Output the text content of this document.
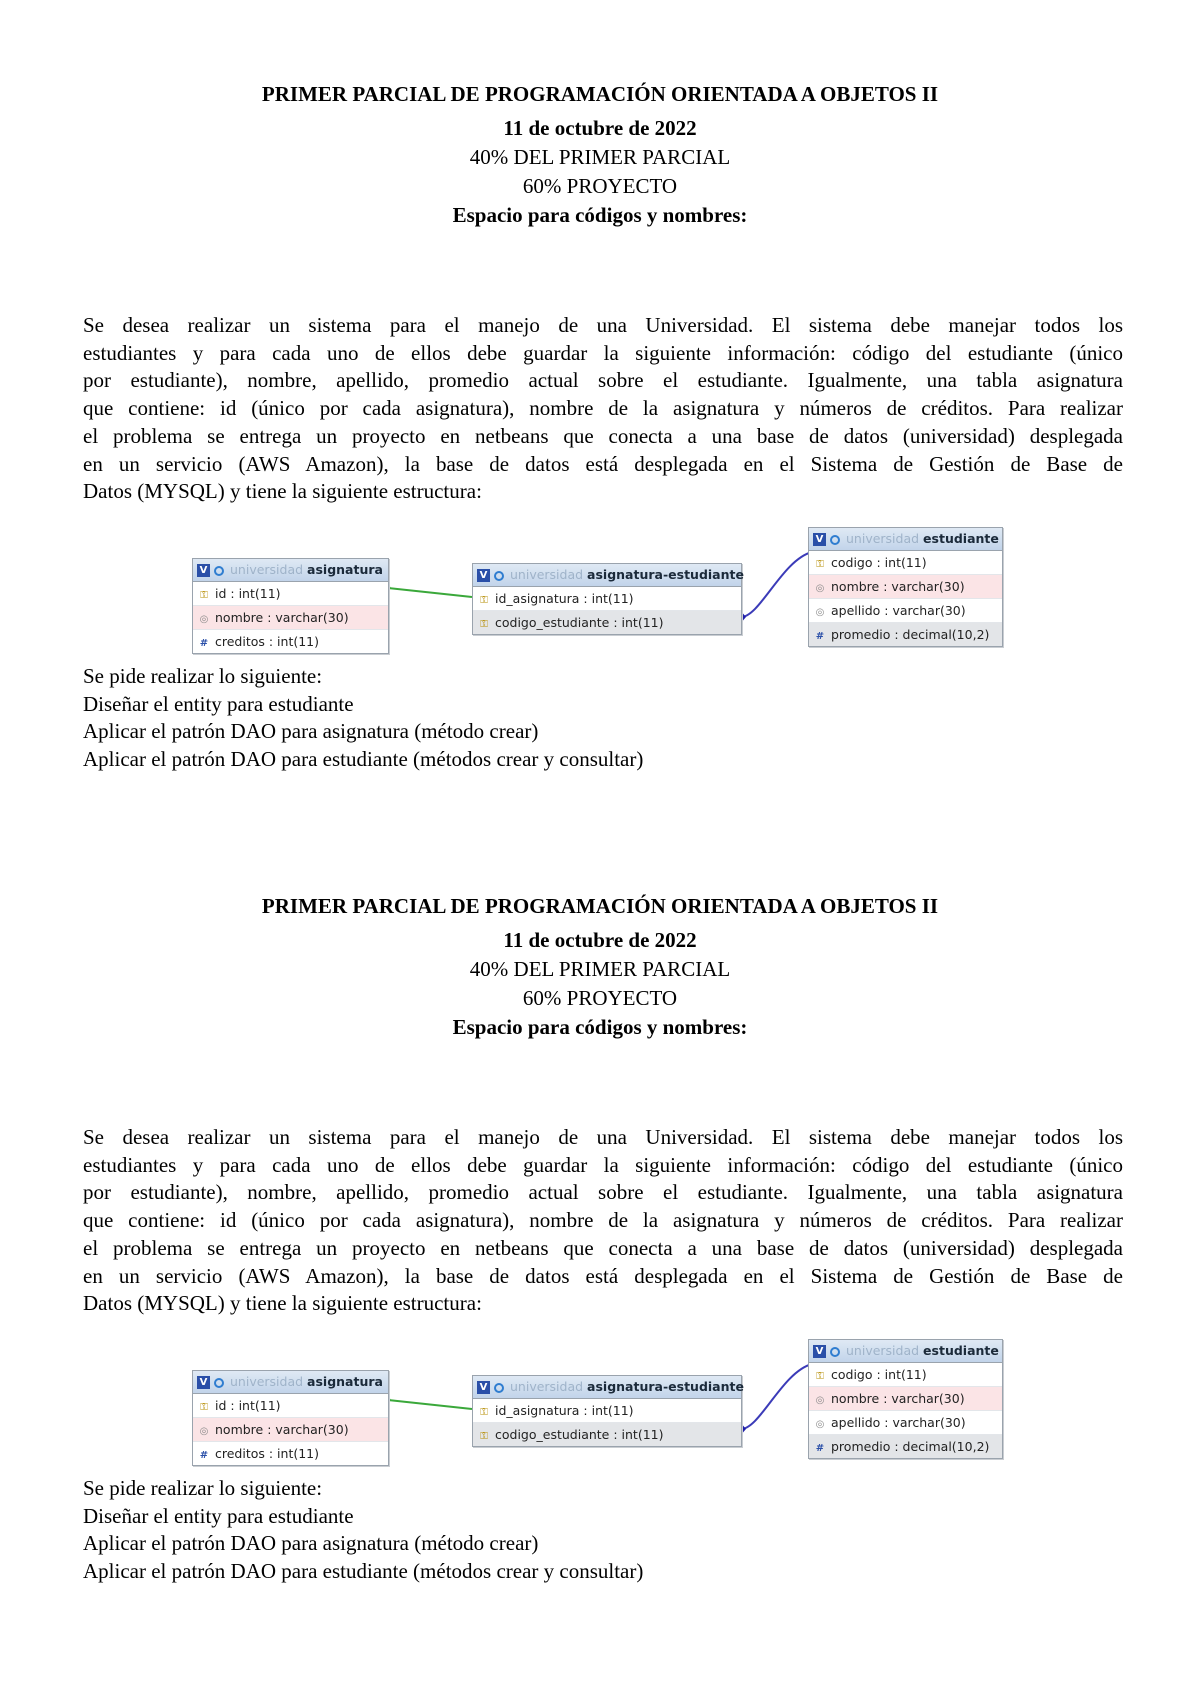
PRIMER PARCIAL DE PROGRAMACIÓN ORIENTADA A OBJETOS II
11 de octubre de 2022
40% DEL PRIMER PARCIAL
60% PROYECTO
Espacio para códigos y nombres:
Se desea realizar un sistema para el manejo de una Universidad. El sistema debe manejar todos los
estudiantes y para cada uno de ellos debe guardar la siguiente información: código del estudiante (único
por estudiante), nombre, apellido, promedio actual sobre el estudiante. Igualmente, una tabla asignatura
que contiene: id (único por cada asignatura), nombre de la asignatura y números de créditos. Para realizar
el problema se entrega un proyecto en netbeans que conecta a una base de datos (universidad) desplegada
en un servicio (AWS Amazon), la base de datos está desplegada en el Sistema de Gestión de Base de
Datos (MYSQL) y tiene la siguiente estructura:
V universidad asignatura
⚿ id : int(11)
◎ nombre : varchar(30)
# creditos : int(11)
V universidad asignatura-estudiante
⚿ id_asignatura : int(11)
⚿ codigo_estudiante : int(11)
V universidad estudiante
⚿ codigo : int(11)
◎ nombre : varchar(30)
◎ apellido : varchar(30)
# promedio : decimal(10,2)
Se pide realizar lo siguiente:
Diseñar el entity para estudiante
Aplicar el patrón DAO para asignatura (método crear)
Aplicar el patrón DAO para estudiante (métodos crear y consultar)
PRIMER PARCIAL DE PROGRAMACIÓN ORIENTADA A OBJETOS II
11 de octubre de 2022
40% DEL PRIMER PARCIAL
60% PROYECTO
Espacio para códigos y nombres:
Se desea realizar un sistema para el manejo de una Universidad. El sistema debe manejar todos los
estudiantes y para cada uno de ellos debe guardar la siguiente información: código del estudiante (único
por estudiante), nombre, apellido, promedio actual sobre el estudiante. Igualmente, una tabla asignatura
que contiene: id (único por cada asignatura), nombre de la asignatura y números de créditos. Para realizar
el problema se entrega un proyecto en netbeans que conecta a una base de datos (universidad) desplegada
en un servicio (AWS Amazon), la base de datos está desplegada en el Sistema de Gestión de Base de
Datos (MYSQL) y tiene la siguiente estructura:
V universidad asignatura
⚿ id : int(11)
◎ nombre : varchar(30)
# creditos : int(11)
V universidad asignatura-estudiante
⚿ id_asignatura : int(11)
⚿ codigo_estudiante : int(11)
V universidad estudiante
⚿ codigo : int(11)
◎ nombre : varchar(30)
◎ apellido : varchar(30)
# promedio : decimal(10,2)
Se pide realizar lo siguiente:
Diseñar el entity para estudiante
Aplicar el patrón DAO para asignatura (método crear)
Aplicar el patrón DAO para estudiante (métodos crear y consultar)
